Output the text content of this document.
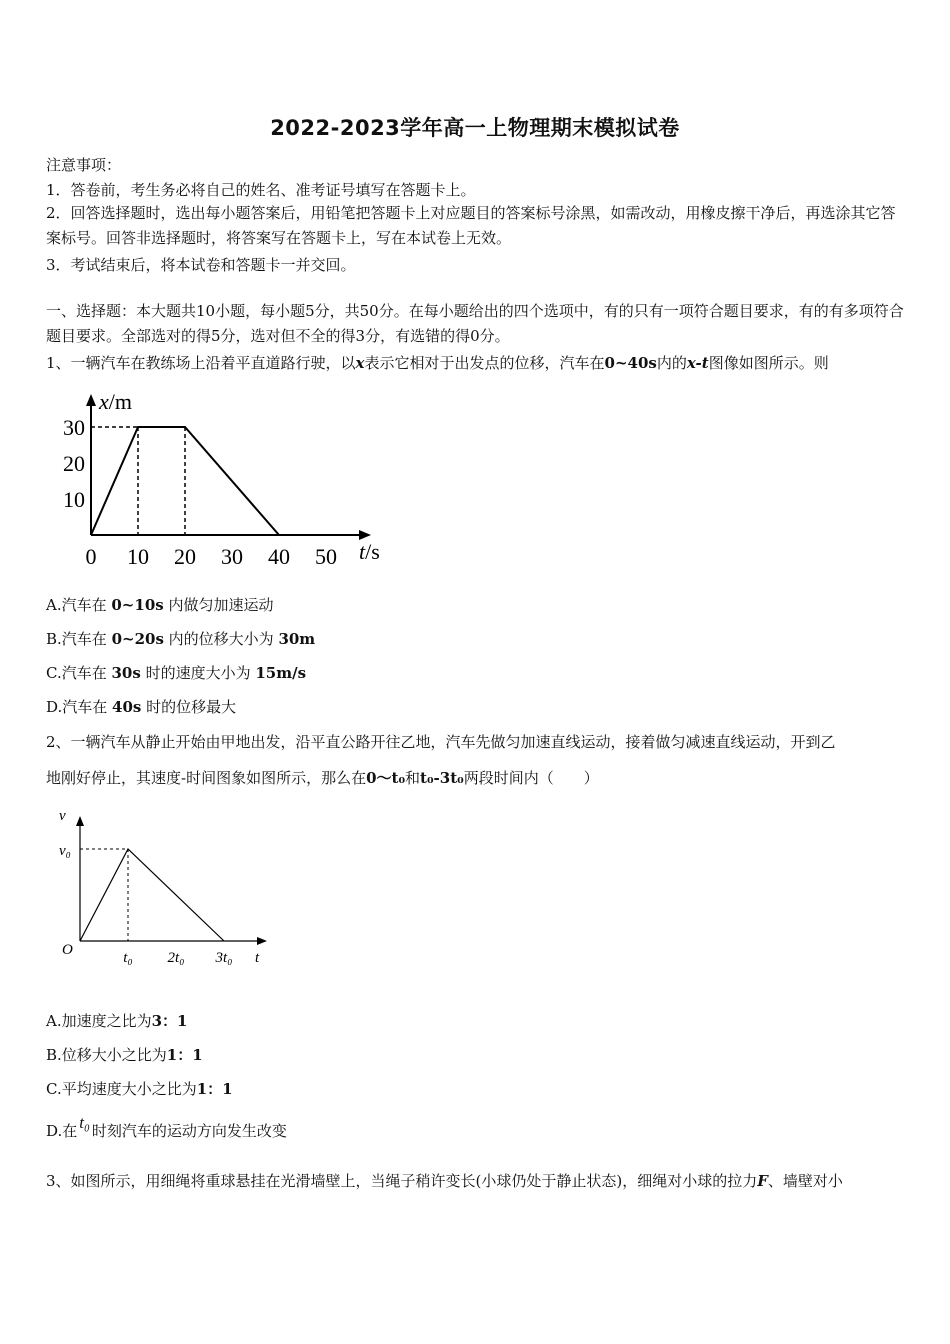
2022-2023学年高一上物理期末模拟试卷
注意事项：
1．答卷前，考生务必将自己的姓名、准考证号填写在答题卡上。
2．回答选择题时，选出每小题答案后，用铅笔把答题卡上对应题目的答案标号涂黑，如需改动，用橡皮擦干净后，再选涂其它答案标号。回答非选择题时，将答案写在答题卡上，写在本试卷上无效。
3．考试结束后，将本试卷和答题卡一并交回。
一、选择题：本大题共10小题，每小题5分，共50分。在每小题给出的四个选项中，有的只有一项符合题目要求，有的有多项符合题目要求。全部选对的得5分，选对但不全的得3分，有选错的得0分。
1、一辆汽车在教练场上沿着平直道路行驶，以x表示它相对于出发点的位移，汽车在0~40s内的x-t图像如图所示。则
x/m
t/s
0 10 20 30 40 50
10
20
30
A.汽车在 0~10s 内做匀加速运动
B.汽车在 0~20s 内的位移大小为 30m
C.汽车在 30s 时的速度大小为 15m/s
D.汽车在 40s 时的位移最大
2、一辆汽车从静止开始由甲地出发，沿平直公路开往乙地，汽车先做匀加速直线运动，接着做匀减速直线运动，开到乙
地刚好停止，其速度-时间图象如图所示，那么在0～t₀和t₀-3t₀两段时间内（　　）
v
t
O
v₀
t₀ 2t₀ 3t₀
A.加速度之比为3：1
B.位移大小之比为1：1
C.平均速度大小之比为1：1
D.在 t₀ 时刻汽车的运动方向发生改变
3、如图所示，用细绳将重球悬挂在光滑墙壁上，当绳子稍许变长(小球仍处于静止状态)，细绳对小球的拉力F、墙壁对小
